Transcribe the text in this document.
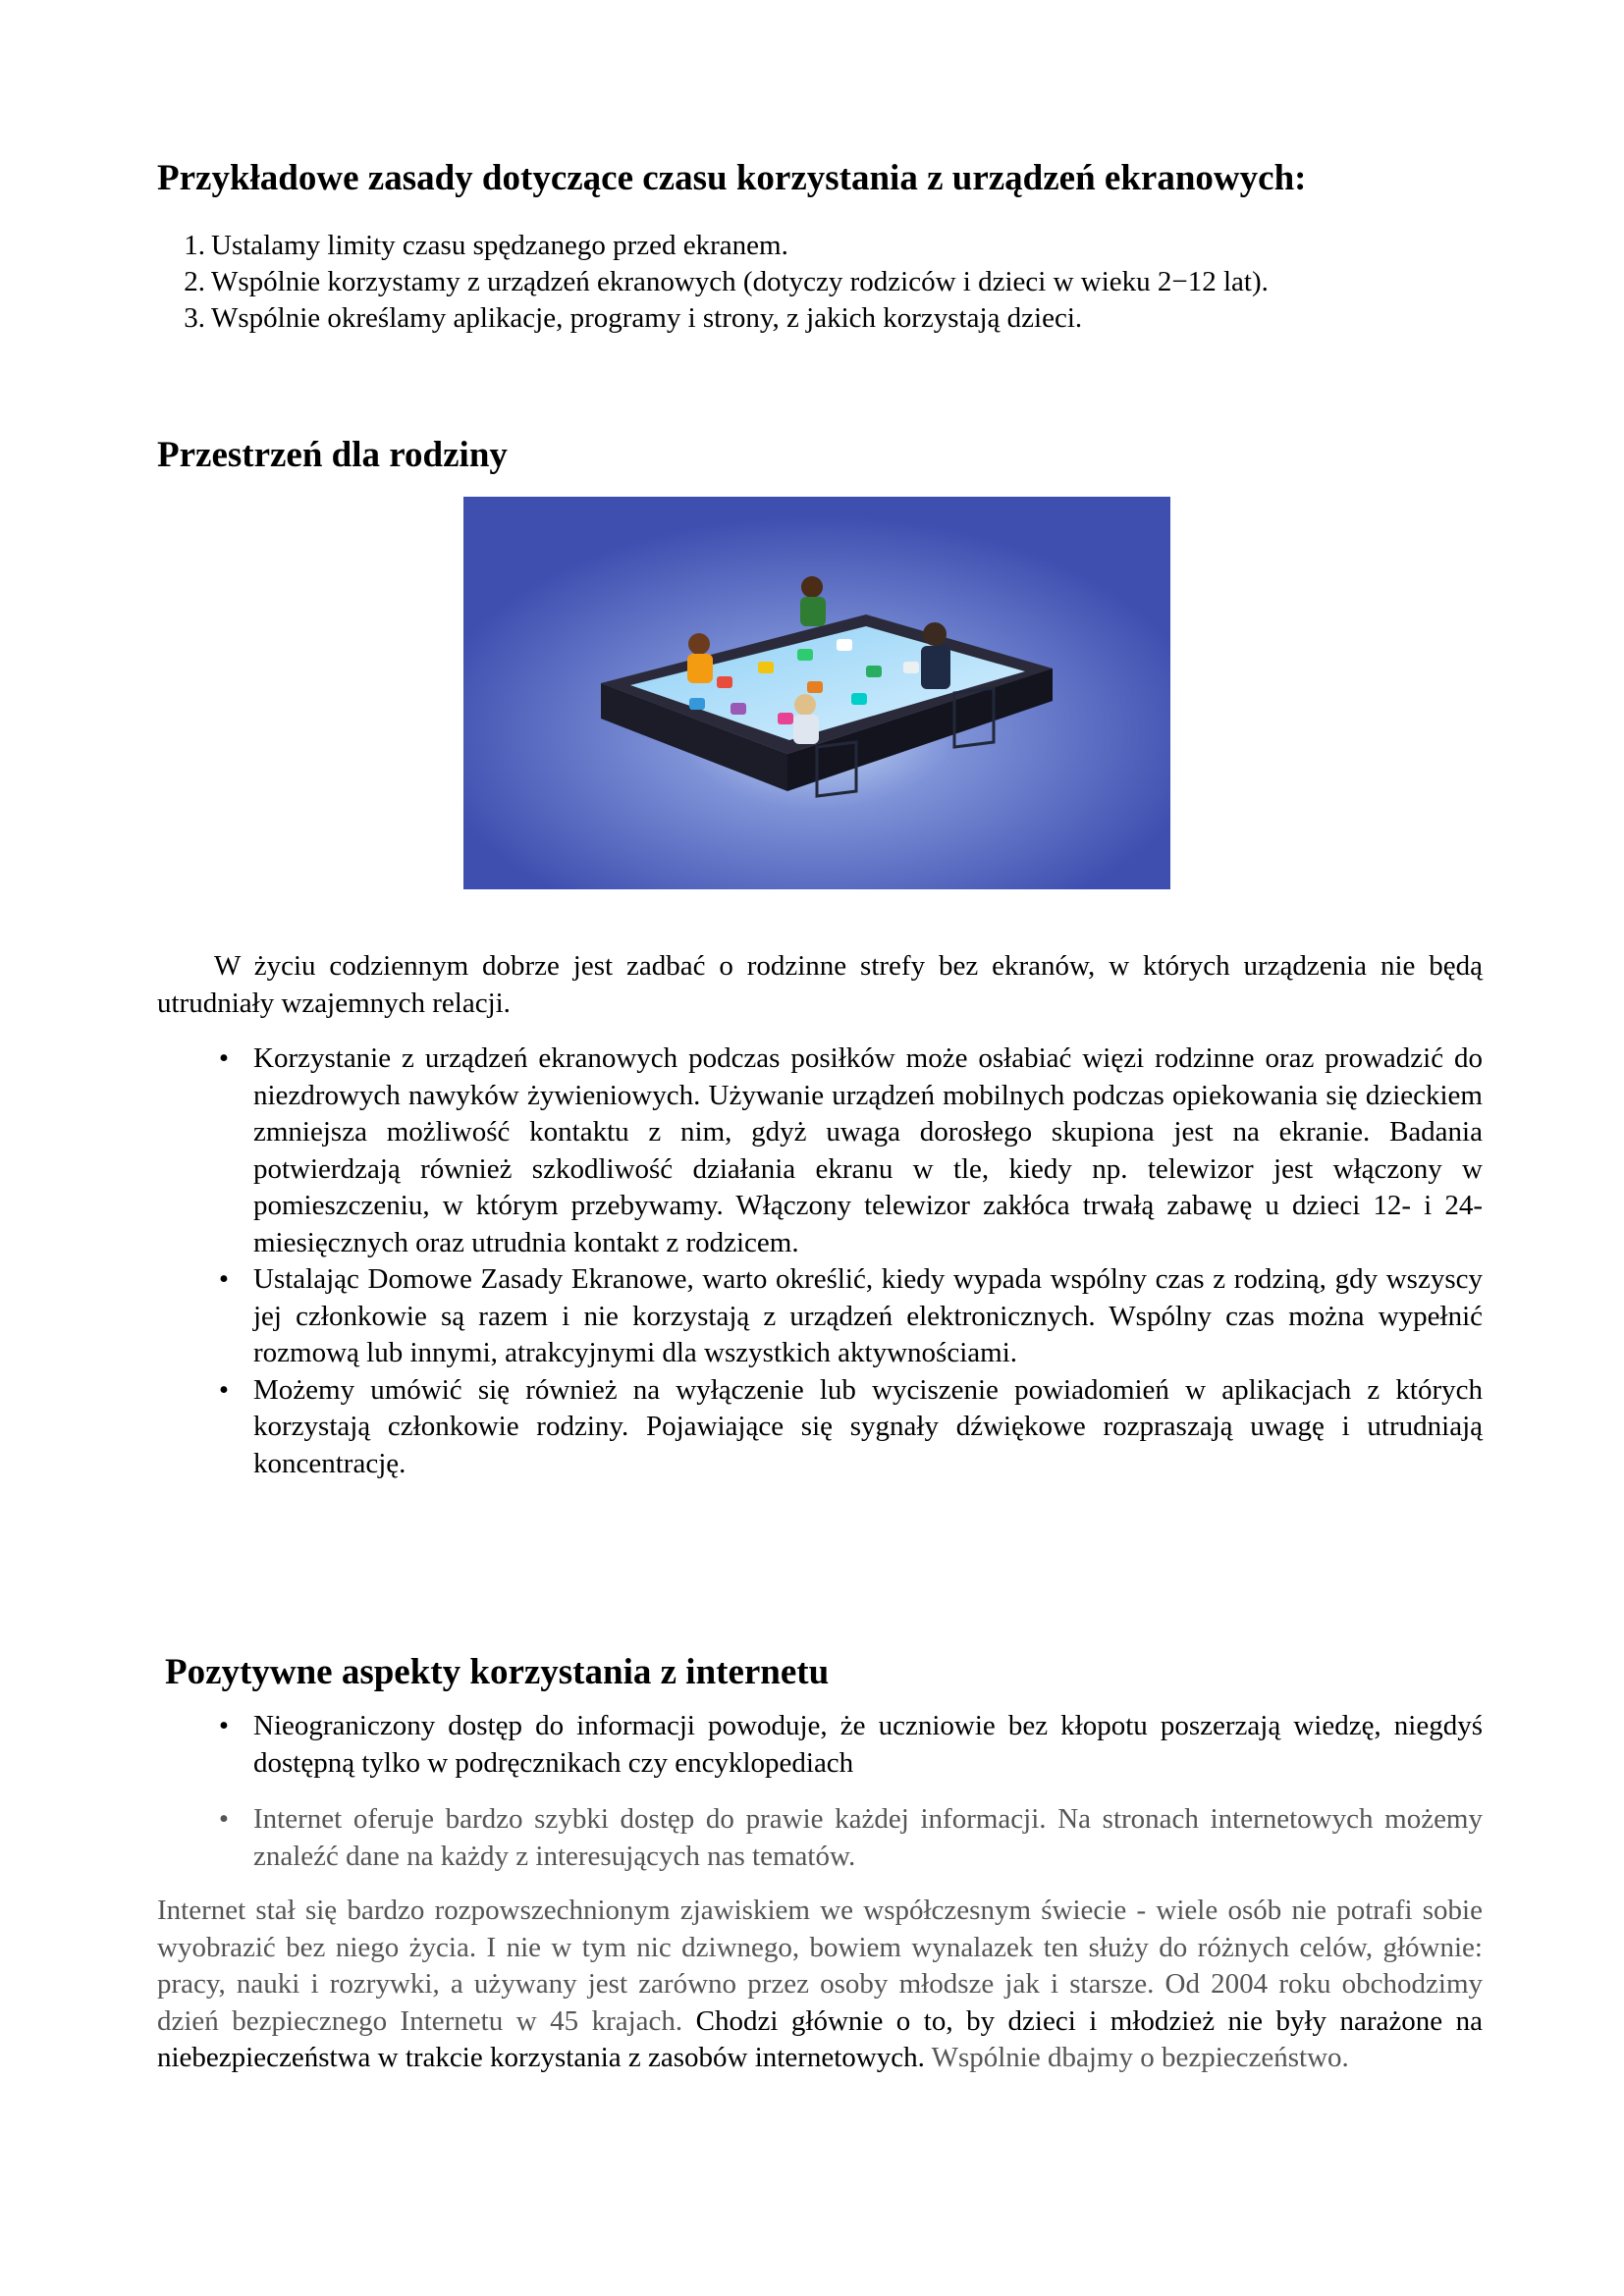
Przykładowe zasady dotyczące czasu korzystania z urządzeń ekranowych:
1. Ustalamy limity czasu spędzanego przed ekranem.
2. Wspólnie korzystamy z urządzeń ekranowych (dotyczy rodziców i dzieci w wieku 2−12 lat).
3. Wspólnie określamy aplikacje, programy i strony, z jakich korzystają dzieci.
Przestrzeń dla rodziny

W życiu codziennym dobrze jest zadbać o rodzinne strefy bez ekranów, w których urządzenia nie będą utrudniały wzajemnych relacji.

• Korzystanie z urządzeń ekranowych podczas posiłków może osłabiać więzi rodzinne oraz prowadzić do niezdrowych nawyków żywieniowych. Używanie urządzeń mobilnych podczas opiekowania się dzieckiem zmniejsza możliwość kontaktu z nim, gdyż uwaga dorosłego skupiona jest na ekranie. Badania potwierdzają również szkodliwość działania ekranu w tle, kiedy np. telewizor jest włączony w pomieszczeniu, w którym przebywamy. Włączony telewizor zakłóca trwałą zabawę u dzieci 12- i 24- miesięcznych oraz utrudnia kontakt z rodzicem.
• Ustalając Domowe Zasady Ekranowe, warto określić, kiedy wypada wspólny czas z rodziną, gdy wszyscy jej członkowie są razem i nie korzystają z urządzeń elektronicznych. Wspólny czas można wypełnić rozmową lub innymi, atrakcyjnymi dla wszystkich aktywnościami.
• Możemy umówić się również na wyłączenie lub wyciszenie powiadomień w aplikacjach z których korzystają członkowie rodziny. Pojawiające się sygnały dźwiękowe rozpraszają uwagę i utrudniają koncentrację.
Pozytywne aspekty korzystania z internetu
• Nieograniczony dostęp do informacji powoduje, że uczniowie bez kłopotu poszerzają wiedzę, niegdyś dostępną tylko w podręcznikach czy encyklopediach
• Internet oferuje bardzo szybki dostęp do prawie każdej informacji. Na stronach internetowych możemy znaleźć dane na każdy z interesujących nas tematów.

Internet stał się bardzo rozpowszechnionym zjawiskiem we współczesnym świecie - wiele osób nie potrafi sobie wyobrazić bez niego życia. I nie w tym nic dziwnego, bowiem wynalazek ten służy do różnych celów, głównie: pracy, nauki i rozrywki, a używany jest zarówno przez osoby młodsze jak i starsze. Od 2004 roku obchodzimy dzień bezpiecznego Internetu w 45 krajach. Chodzi głównie o to, by dzieci i młodzież nie były narażone na niebezpieczeństwa w trakcie korzystania z zasobów internetowych. Wspólnie dbajmy o bezpieczeństwo.
